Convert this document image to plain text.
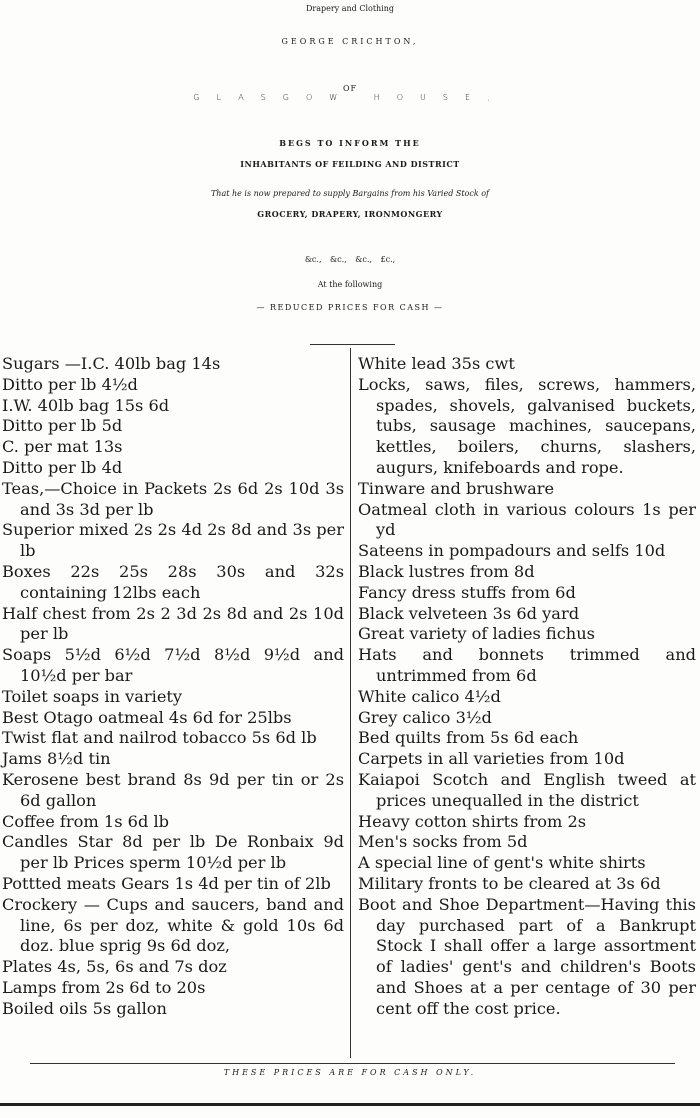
Drapery and Clothing
GEORGE CRICHTON,
OF
GLASGOW HOUSE,
BEGS TO INFORM THE
INHABITANTS OF FEILDING AND DISTRICT
That he is now prepared to supply Bargains from his Varied Stock of
GROCERY, DRAPERY, IRONMONGERY
&c., &c., &c., £c.,
At the following
— REDUCED PRICES FOR CASH —
Sugars —I.C. 40lb bag 14s
Ditto per lb 4½d
I.W. 40lb bag 15s 6d
Ditto per lb 5d
C. per mat 13s
Ditto per lb 4d
Teas,—Choice in Packets 2s 6d 2s 10d 3s and 3s 3d per lb
Superior mixed 2s 2s 4d 2s 8d and 3s per lb
Boxes 22s 25s 28s 30s and 32s containing 12lbs each
Half chest from 2s 2 3d 2s 8d and 2s 10d per lb
Soaps 5½d 6½d 7½d 8½d 9½d and 10½d per bar
Toilet soaps in variety
Best Otago oatmeal 4s 6d for 25lbs
Twist flat and nailrod tobacco 5s 6d lb
Jams 8½d tin
Kerosene best brand 8s 9d per tin or 2s 6d gallon
Coffee from 1s 6d lb
Candles Star 8d per lb De Ronbaix 9d per lb Prices sperm 10½d per lb
Pottted meats Gears 1s 4d per tin of 2lb
Crockery — Cups and saucers, band and line, 6s per doz, white & gold 10s 6d doz. blue sprig 9s 6d doz,
Plates 4s, 5s, 6s and 7s doz
Lamps from 2s 6d to 20s
Boiled oils 5s gallon
White lead 35s cwt
Locks, saws, files, screws, hammers, spades, shovels, galvanised buckets, tubs, sausage machines, saucepans, kettles, boilers, churns, slashers, augurs, knifeboards and rope.
Tinware and brushware
Oatmeal cloth in various colours 1s per yd
Sateens in pompadours and selfs 10d
Black lustres from 8d
Fancy dress stuffs from 6d
Black velveteen 3s 6d yard
Great variety of ladies fichus
Hats and bonnets trimmed and untrimmed from 6d
White calico 4½d
Grey calico 3½d
Bed quilts from 5s 6d each
Carpets in all varieties from 10d
Kaiapoi Scotch and English tweed at prices unequalled in the district
Heavy cotton shirts from 2s
Men's socks from 5d
A special line of gent's white shirts
Military fronts to be cleared at 3s 6d
Boot and Shoe Department—Having this day purchased part of a Bankrupt Stock I shall offer a large assortment of ladies' gent's and children's Boots and Shoes at a per centage of 30 per cent off the cost price.
THESE PRICES ARE FOR CASH ONLY.
